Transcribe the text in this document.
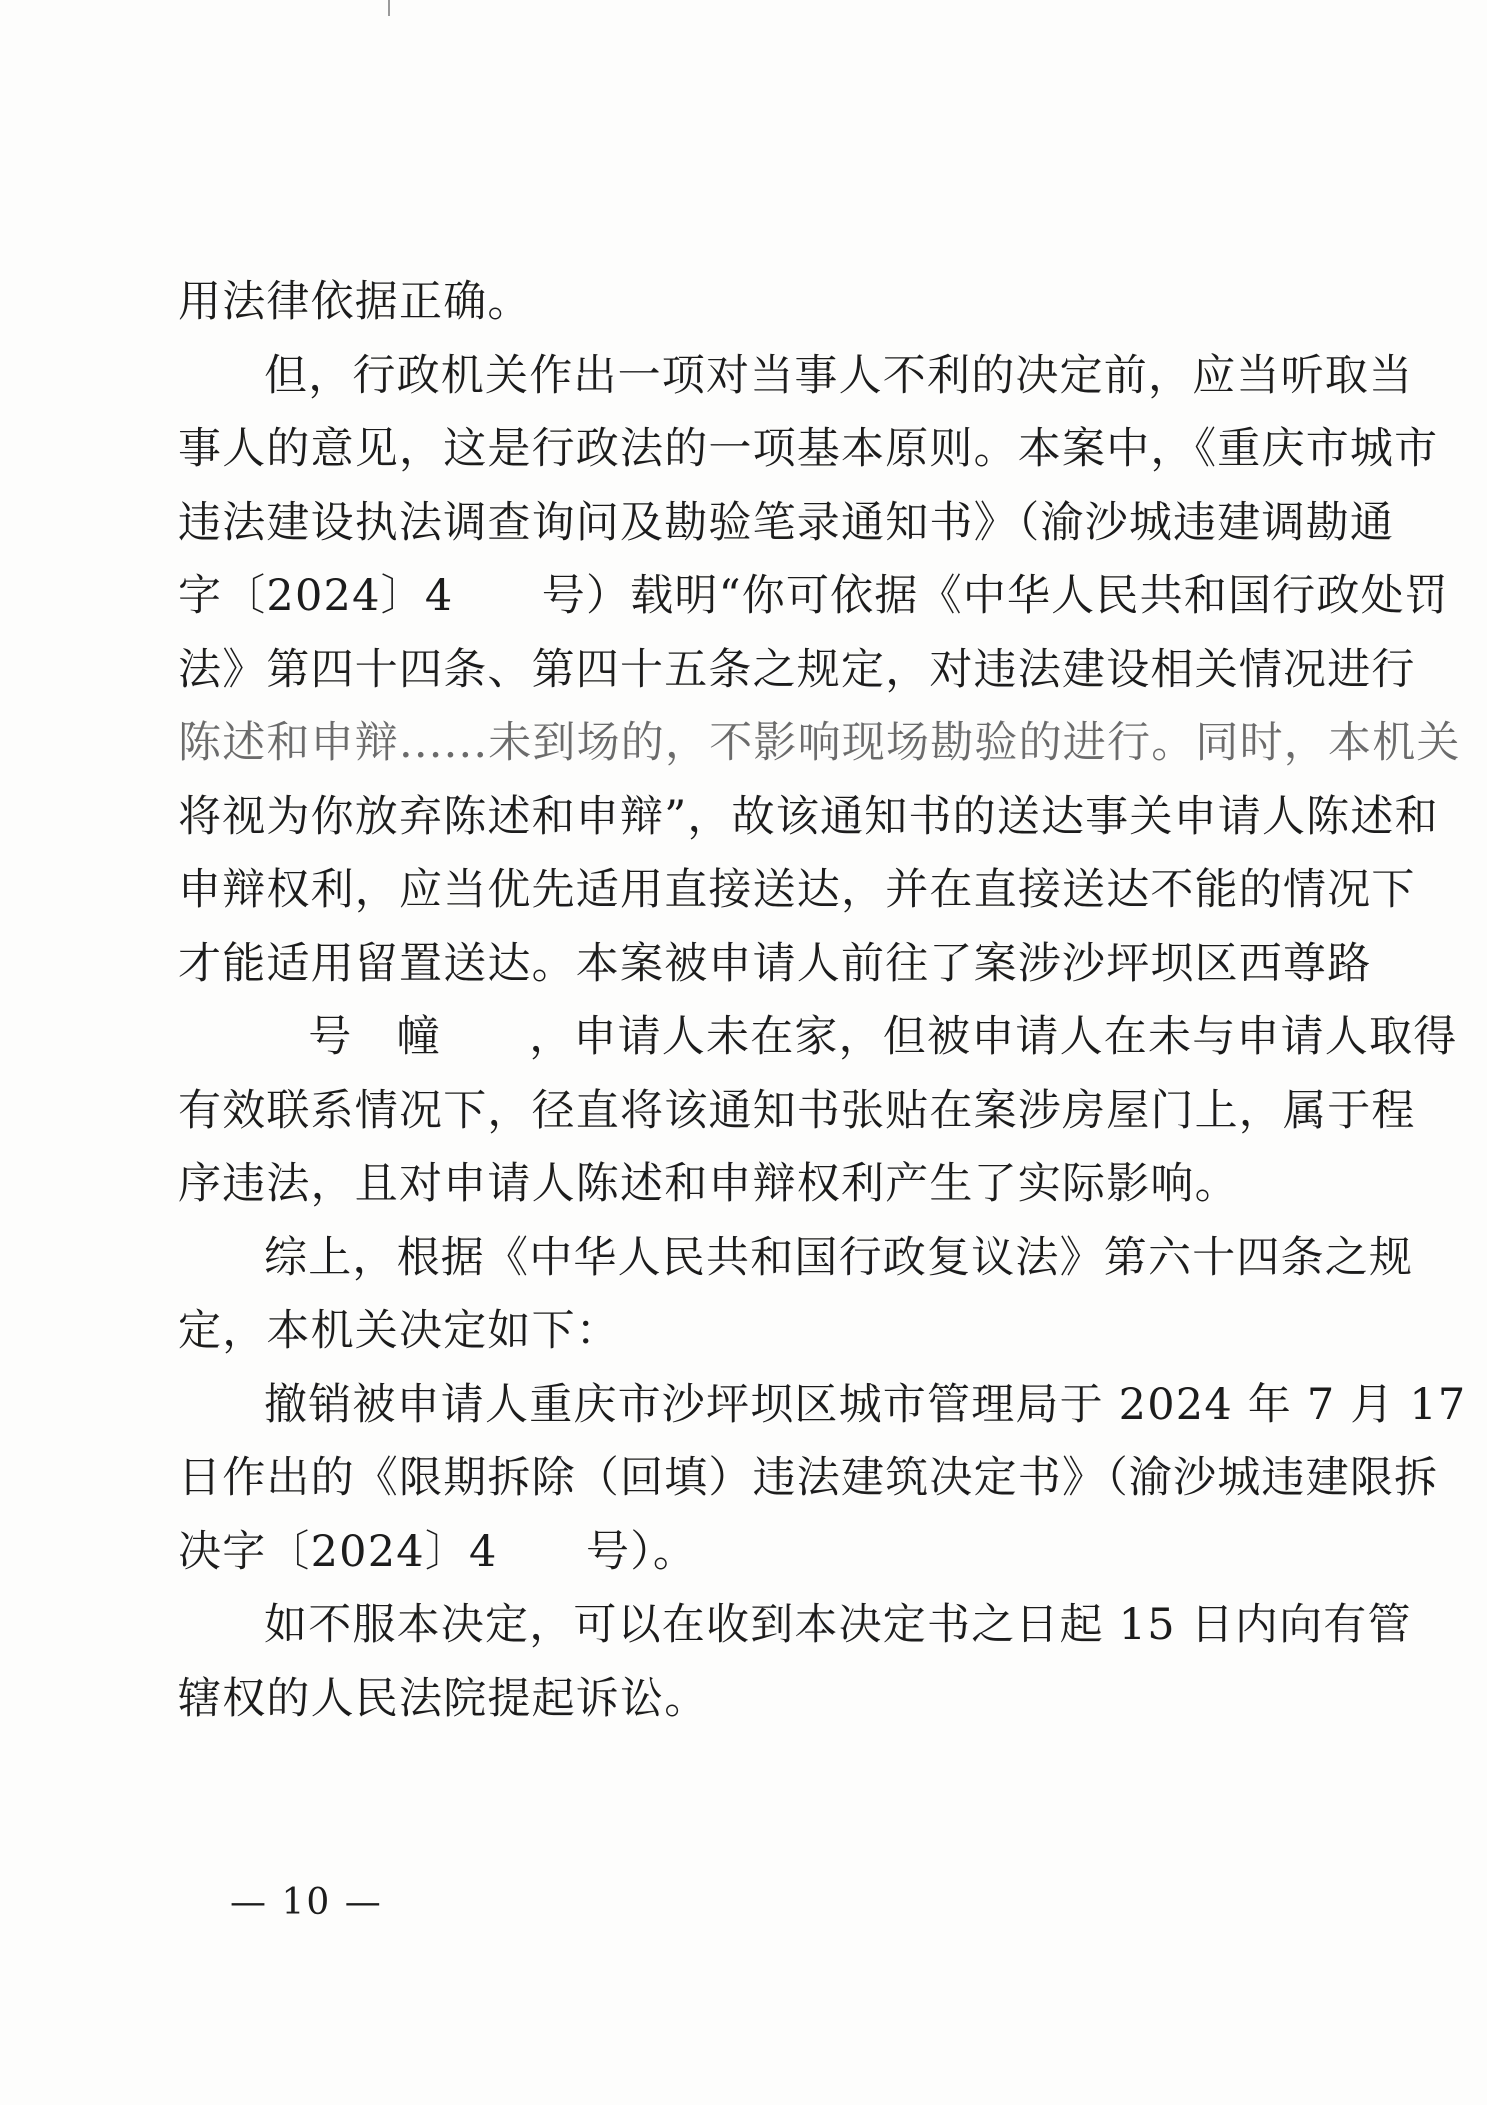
用法律依据正确。
但，行政机关作出一项对当事人不利的决定前，应当听取当
事人的意见，这是行政法的一项基本原则。本案中，《重庆市城市
违法建设执法调查询问及勘验笔录通知书》（渝沙城违建调勘通
字〔2024〕4　　号）载明“你可依据《中华人民共和国行政处罚
法》第四十四条、第四十五条之规定，对违法建设相关情况进行
陈述和申辩......未到场的，不影响现场勘验的进行。同时，本机关
将视为你放弃陈述和申辩”，故该通知书的送达事关申请人陈述和
申辩权利，应当优先适用直接送达，并在直接送达不能的情况下
才能适用留置送达。本案被申请人前往了案涉沙坪坝区西尊路
　号　幢　　，申请人未在家，但被申请人在未与申请人取得
有效联系情况下，径直将该通知书张贴在案涉房屋门上，属于程
序违法，且对申请人陈述和申辩权利产生了实际影响。
综上，根据《中华人民共和国行政复议法》第六十四条之规
定，本机关决定如下：
撤销被申请人重庆市沙坪坝区城市管理局于 2024 年 7 月 17
日作出的《限期拆除（回填）违法建筑决定书》（渝沙城违建限拆
决字〔2024〕4　　号）。
如不服本决定，可以在收到本决定书之日起 15 日内向有管
辖权的人民法院提起诉讼。
— 10 —
